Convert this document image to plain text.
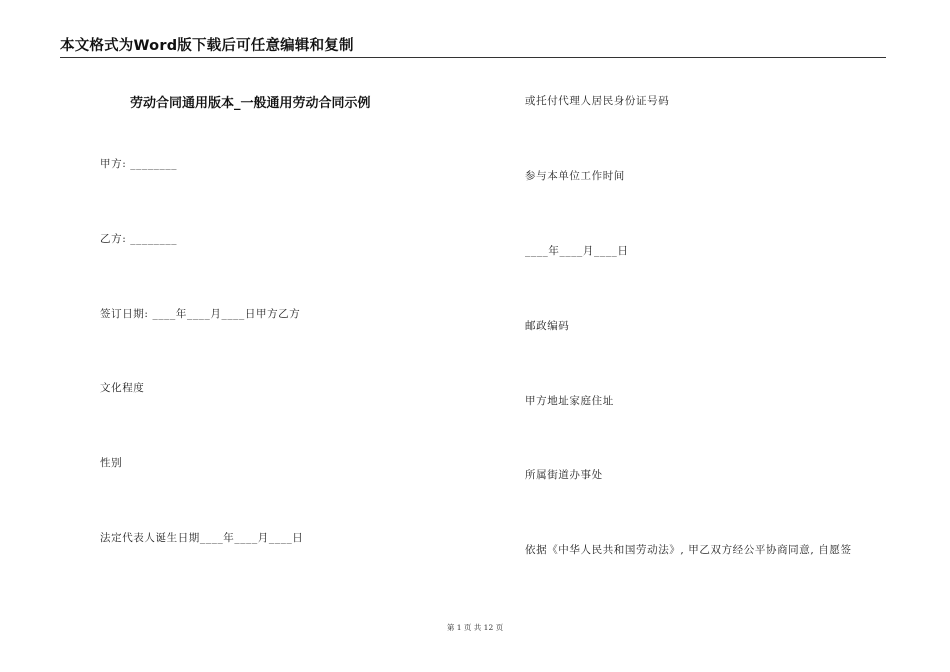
本文格式为Word版下载后可任意编辑和复制
劳动合同通用版本_一般通用劳动合同示例
甲方: ________
乙方: ________
签订日期: ____年____月____日甲方乙方
文化程度
性别
法定代表人诞生日期____年____月____日
或托付代理人居民身份证号码
参与本单位工作时间
____年____月____日
邮政编码
甲方地址家庭住址
所属街道办事处
依据《中华人民共和国劳动法》, 甲乙双方经公平协商同意, 自愿签
第 1 页 共 12 页
